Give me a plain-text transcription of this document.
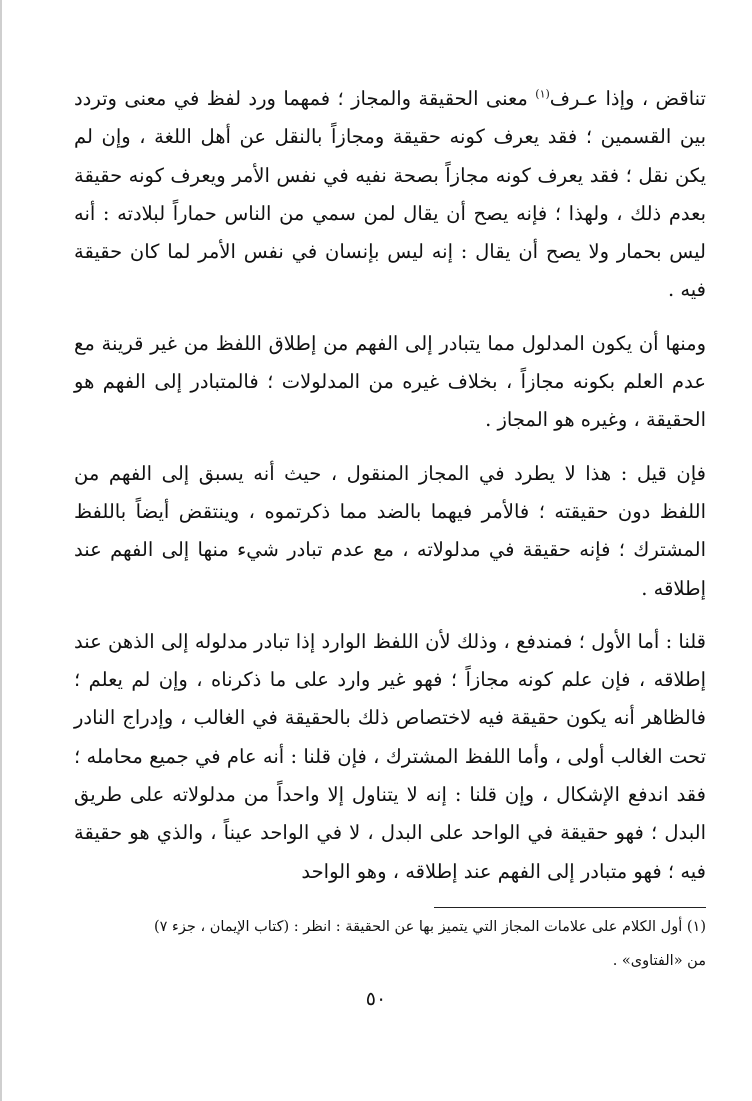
تناقض ، وإذا عـرف$^{(١)}$ معنى الحقيقة والمجاز ؛ فمهما ورد لفظ في معنى وتردد بين القسمين ؛ فقد يعرف كونه حقيقة ومجازاً بالنقل عن أهل اللغة ، وإن لم يكن نقل ؛ فقد يعرف كونه مجازاً بصحة نفيه في نفس الأمر ويعرف كونه حقيقة بعدم ذلك ، ولهذا ؛ فإنه يصح أن يقال لمن سمي من الناس حماراً لبلادته : أنه ليس بحمار ولا يصح أن يقال : إنه ليس بإنسان في نفس الأمر لما كان حقيقة فيه .

ومنها أن يكون المدلول مما يتبادر إلى الفهم من إطلاق اللفظ من غير قرينة مع عدم العلم بكونه مجازاً ، بخلاف غيره من المدلولات ؛ فالمتبادر إلى الفهم هو الحقيقة ، وغيره هو المجاز .

فإن قيل : هذا لا يطرد في المجاز المنقول ، حيث أنه يسبق إلى الفهم من اللفظ دون حقيقته ؛ فالأمر فيهما بالضد مما ذكرتموه ، وينتقض أيضاً باللفظ المشترك ؛ فإنه حقيقة في مدلولاته ، مع عدم تبادر شيء منها إلى الفهم عند إطلاقه .

قلنا : أما الأول ؛ فمندفع ، وذلك لأن اللفظ الوارد إذا تبادر مدلوله إلى الذهن عند إطلاقه ، فإن علم كونه مجازاً ؛ فهو غير وارد على ما ذكرناه ، وإن لم يعلم ؛ فالظاهر أنه يكون حقيقة فيه لاختصاص ذلك بالحقيقة في الغالب ، وإدراج النادر تحت الغالب أولى ، وأما اللفظ المشترك ، فإن قلنا : أنه عام في جميع محامله ؛ فقد اندفع الإشكال ، وإن قلنا : إنه لا يتناول إلا واحداً من مدلولاته على طريق البدل ؛ فهو حقيقة في الواحد على البدل ، لا في الواحد عيناً ، والذي هو حقيقة فيه ؛ فهو متبادر إلى الفهم عند إطلاقه ، وهو الواحد

(١) أول الكلام على علامات المجاز التي يتميز بها عن الحقيقة : انظر : (كتاب الإيمان ، جزء ٧)

من «الفتاوى» .

٥٠
